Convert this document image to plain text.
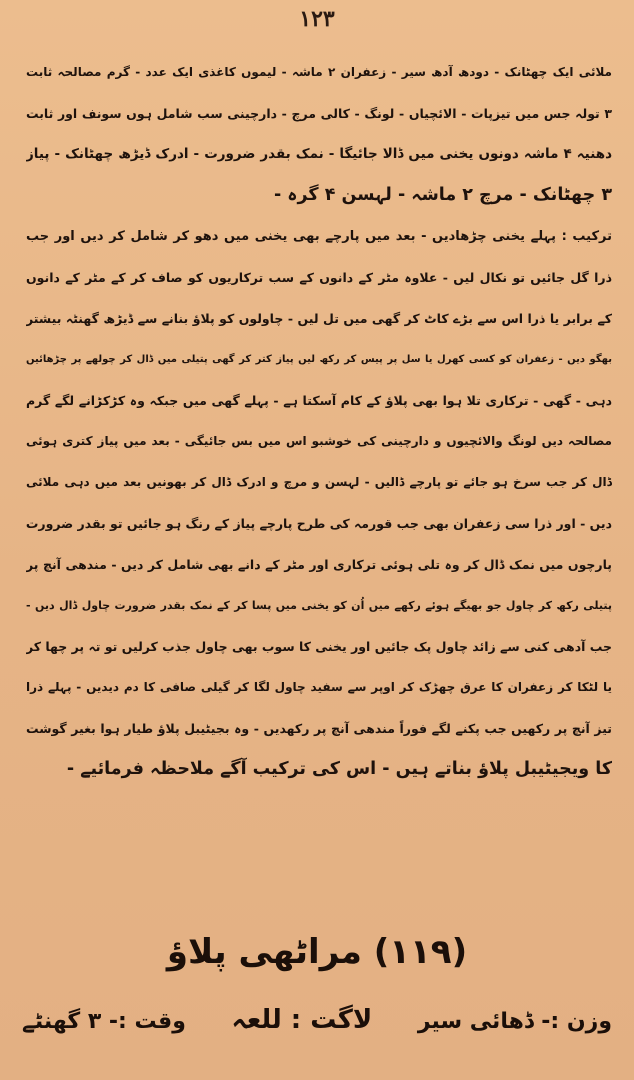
۱۲۳
ملائی ایک چھٹانک - دودھ آدھ سیر - زعفران ۲ ماشہ - لیموں کاغذی ایک عدد - گرم مصالحہ ثابت
۳ تولہ جس میں تیزپات - الائچیاں - لونگ - کالی مرچ - دارچینی سب شامل ہوں سونف اور ثابت
دھنیہ ۴ ماشہ دونوں یخنی میں ڈالا جائیگا - نمک بقدر ضرورت - ادرک ڈیڑھ چھٹانک - پیاز
۳ چھٹانک - مرچ ۲ ماشہ - لہسن ۴ گرہ -
ترکیب : پہلے یخنی چڑھادیں - بعد میں پارچے بھی یخنی میں دھو کر شامل کر دیں اور جب
ذرا گل جائیں تو نکال لیں - علاوہ مٹر کے دانوں کے سب ترکاریوں کو صاف کر کے مٹر کے دانوں
کے برابر یا ذرا اس سے بڑے کاٹ کر گھی میں تل لیں - چاولوں کو پلاؤ بنانے سے ڈیڑھ گھنٹہ بیشتر
بھگو دیں - زعفران کو کسی کھرل یا سل پر پیس کر رکھ لیں پیاز کتر کر گھی پتیلی میں ڈال کر چولھے پر چڑھائیں
دہی - گھی - ترکاری تلا ہوا بھی پلاؤ کے کام آسکتا ہے - پہلے گھی میں جبکہ وہ کڑکڑانے لگے گرم
مصالحہ دیں لونگ والائچیوں و دارچینی کی خوشبو اس میں بس جائیگی - بعد میں پیاز کتری ہوئی
ڈال کر جب سرخ ہو جائے تو پارچے ڈالیں - لہسن و مرچ و ادرک ڈال کر بھونیں بعد میں دہی ملائی
دیں - اور ذرا سی زعفران بھی جب قورمہ کی طرح پارچے پیاز کے رنگ ہو جائیں تو بقدر ضرورت
پارچوں میں نمک ڈال کر وہ تلی ہوئی ترکاری اور مٹر کے دانے بھی شامل کر دیں - مندھی آنچ پر
پتیلی رکھ کر چاول جو بھیگے ہوئے رکھے میں اُن کو یخنی میں پسا کر کے نمک بقدر ضرورت چاول ڈال دیں -
جب آدھی کنی سے زائد چاول پک جائیں اور یخنی کا سوب بھی چاول جذب کرلیں تو تہ پر چھا کر
یا لٹکا کر زعفران کا عرق چھڑک کر اوپر سے سفید چاول لگا کر گیلی صافی کا دم دیدیں - پہلے ذرا
تیز آنچ پر رکھیں جب پکنے لگے فوراً مندھی آنچ پر رکھدیں - وہ بجیٹیبل پلاؤ طیار ہوا بغیر گوشت
کا ویجیٹیبل پلاؤ بناتے ہیں - اس کی ترکیب آگے ملاحظہ فرمائیے -
(۱۱۹) مراٹھی پلاؤ
وزن :- ڈھائی سیر
لاگت : للعہ
وقت :- ۳ گھنٹے
